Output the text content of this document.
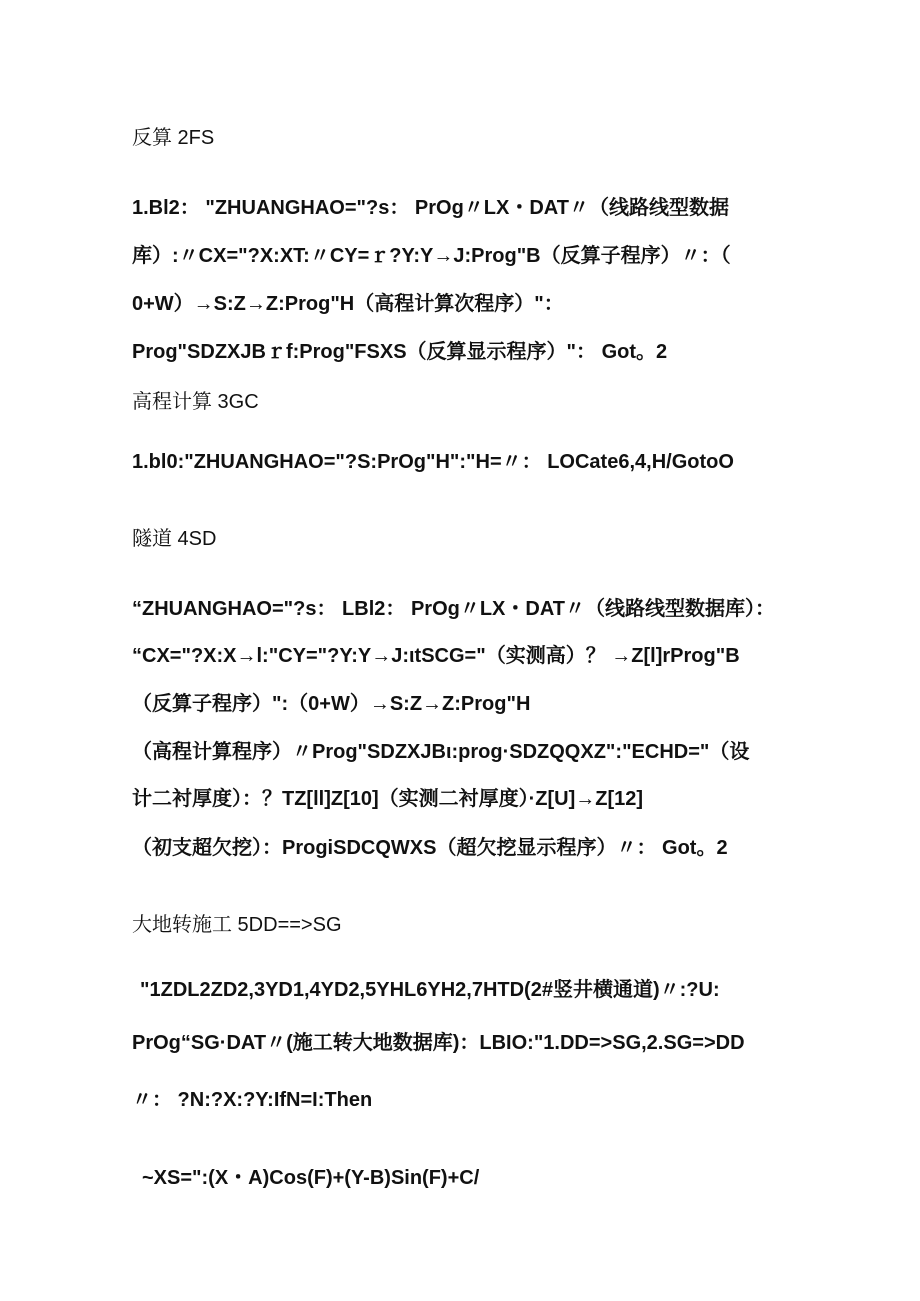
反算 2FS
1.Bl2： "ZHUANGHAO="?s： PrOg〃LX・DAT〃（线路线型数据
库）:〃CX="?X:XT:〃CY=ｒ?Y:Y→J:Prog"B（反算子程序）〃：（
0+W）→S:Z→Z:Prog"H（高程计算次程序）"：
Prog"SDZXJBｒf:Prog"FSXS（反算显示程序）"： Got。2
高程计算 3GC
1.bl0:"ZHUANGHAO="?S:PrOg"H":"H=〃： LOCate6,4,H/GotoO
隧道 4SD
“ZHUANGHAO="?s： LBl2： PrOg〃LX・DAT〃（线路线型数据库）：
“CX="?X:X→l:"CY="?Y:Y→J:ιtSCG="（实测高）？ →Z[l]rProg"B
（反算子程序）":（0+W）→S:Z→Z:Prog"H
（高程计算程序）〃Prog"SDZXJBι:prog·SDZQQXZ":"ECHD="（设
计二衬厚度）：？TZ[ll]Z[10]（实测二衬厚度）·Z[U]→Z[12]
（初支超欠挖）：ProgiSDCQWXS（超欠挖显示程序）〃： Got。2
大地转施工 5DD==>SG
"1ZDL2ZD2,3YD1,4YD2,5YHL6YH2,7HTD(2#竖井横通道)〃:?U:
PrOg“SG·DAT〃(施工转大地数据库)：LBIO:"1.DD=>SG,2.SG=>DD
〃： ?N:?X:?Y:IfN=I:Then
~XS=":(X・A)Cos(F)+(Y-B)Sin(F)+C/
